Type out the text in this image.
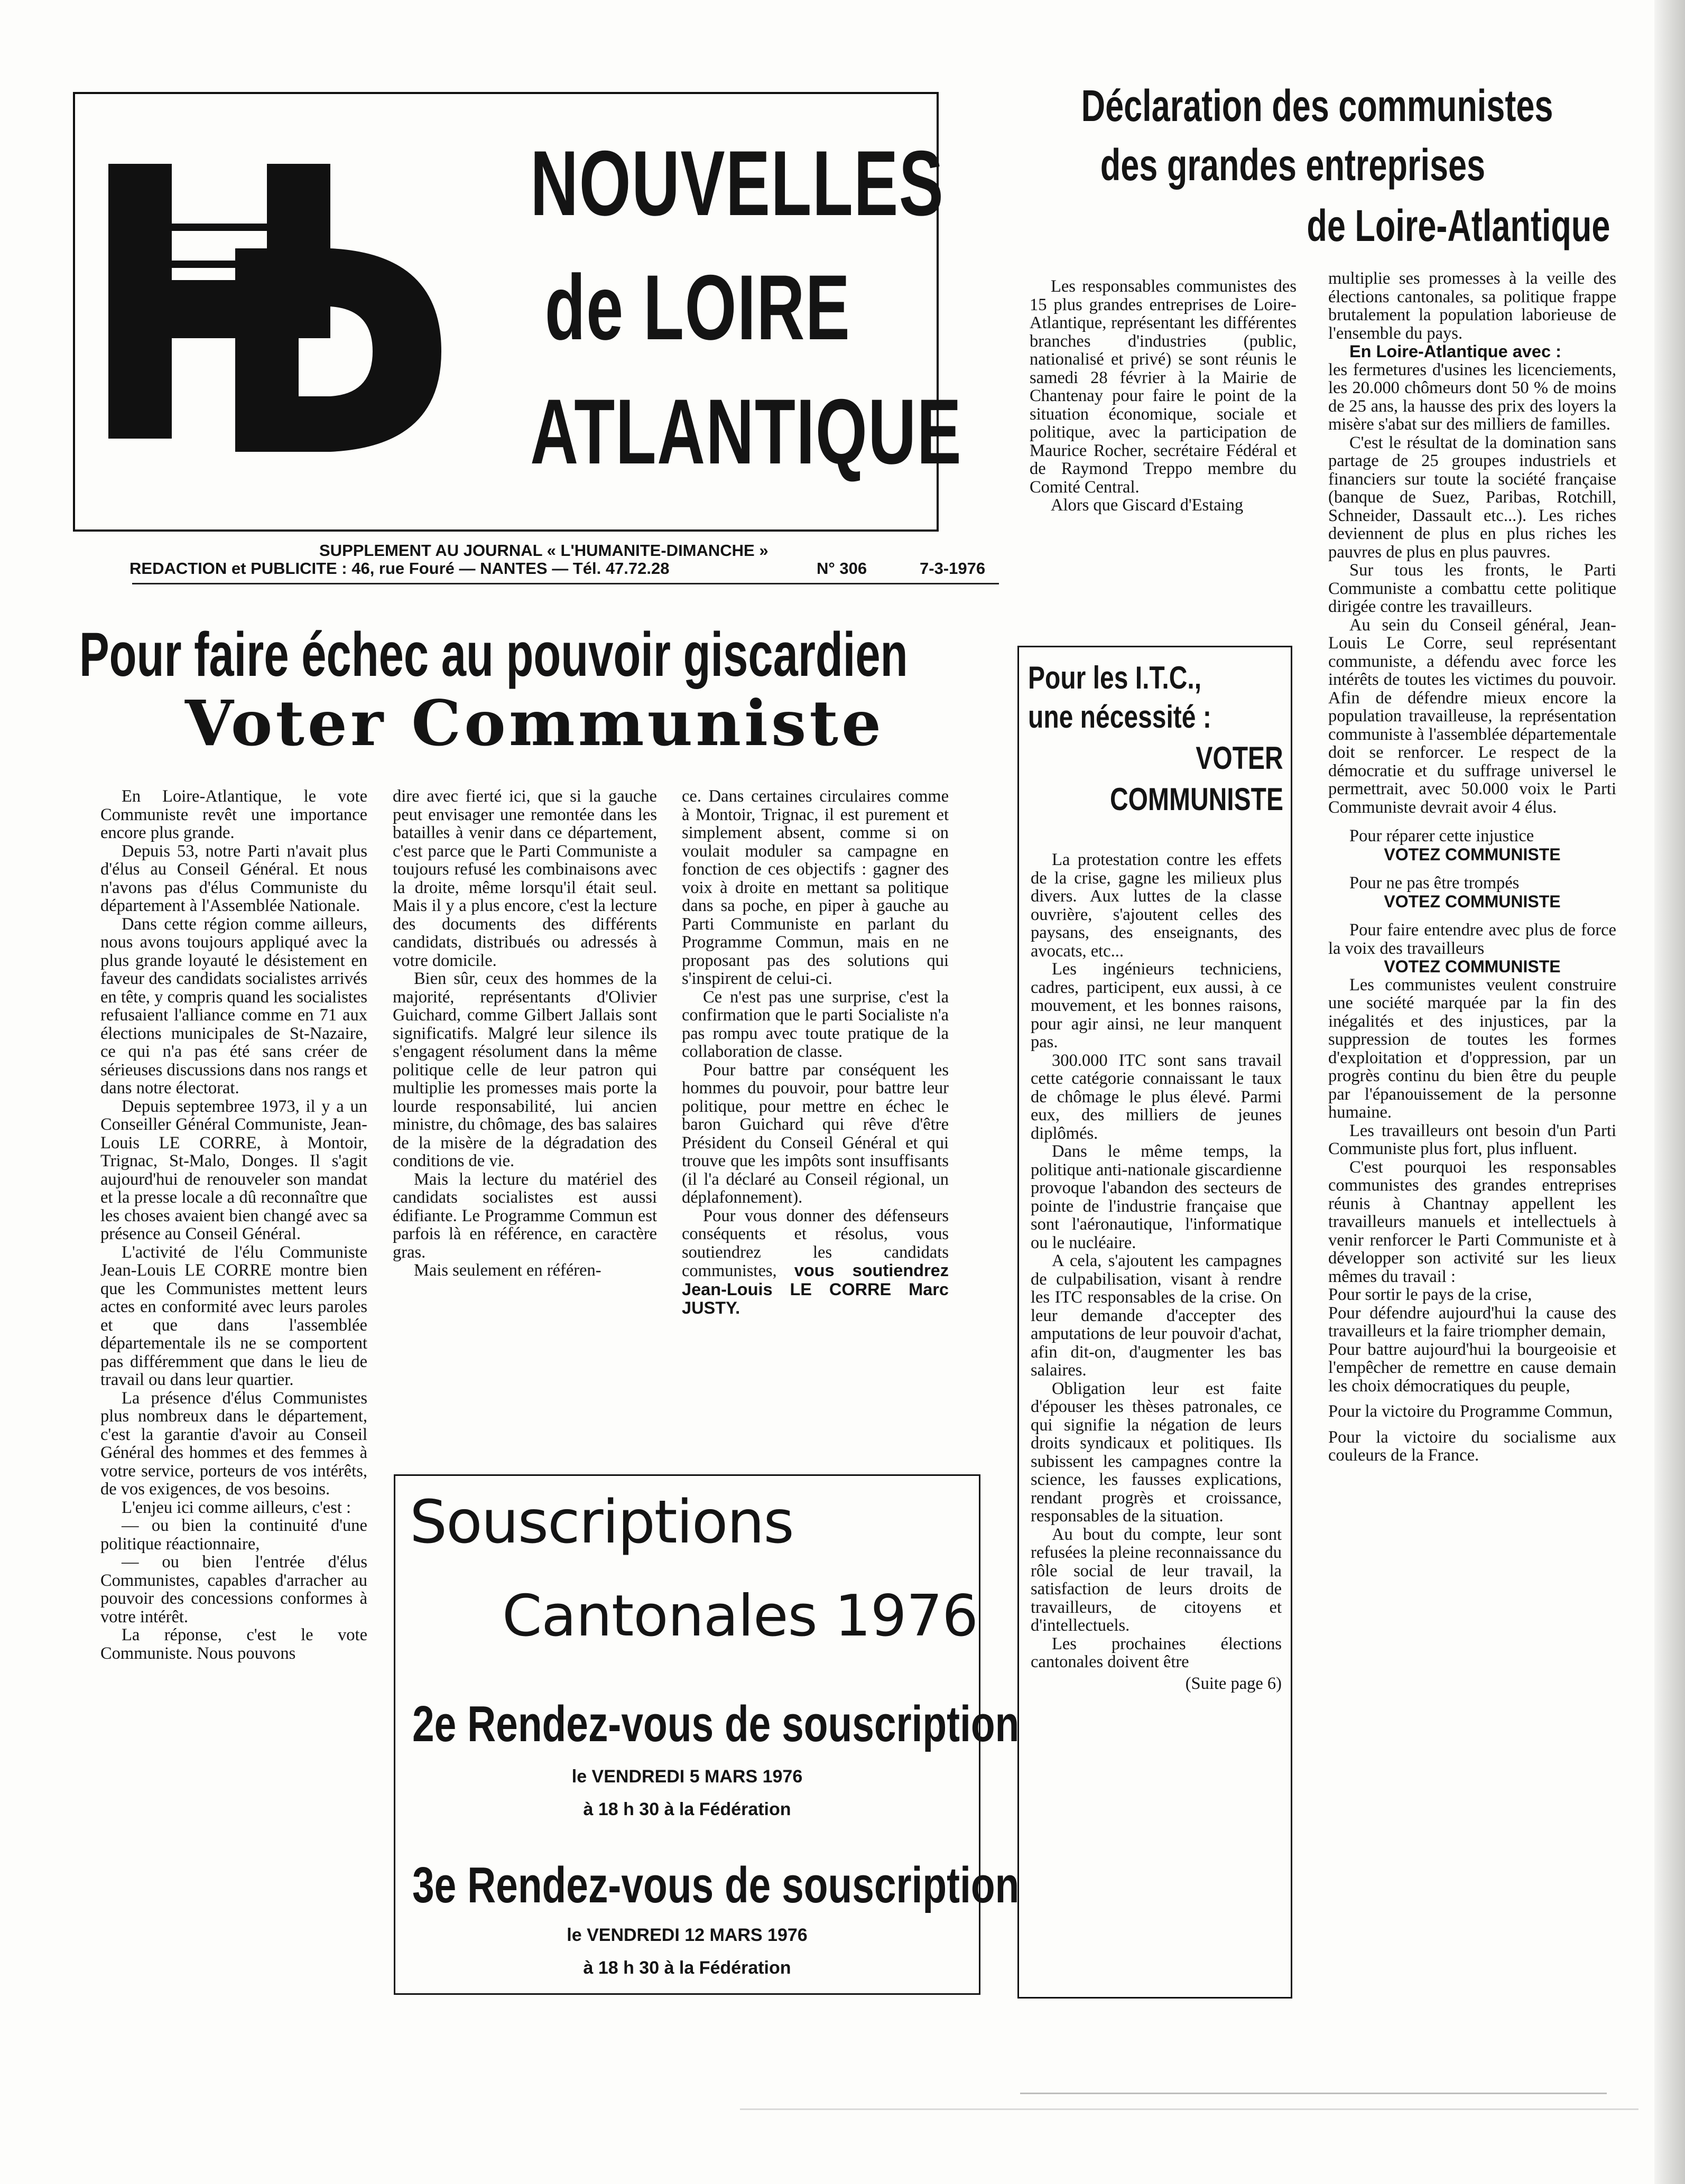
NOUVELLES
de LOIRE
ATLANTIQUE
SUPPLEMENT AU JOURNAL « L'HUMANITE-DIMANCHE »
REDACTION et PUBLICITE : 46, rue Fouré — NANTES — Tél. 47.72.28	N° 306	7-3-1976
Déclaration des communistes
des grandes entreprises
de Loire-Atlantique
Pour faire échec au pouvoir giscardien
Voter Communiste

En Loire-Atlantique, le vote Communiste revêt une importance encore plus grande.

Depuis 53, notre Parti n'avait plus d'élus au Conseil Général. Et nous n'avons pas d'élus Communiste du département à l'Assemblée Nationale.

Dans cette région comme ailleurs, nous avons toujours appliqué avec la plus grande loyauté le désistement en faveur des candidats socialistes arrivés en tête, y compris quand les socialistes refusaient l'alliance comme en 71 aux élections municipales de St-Nazaire, ce qui n'a pas été sans créer de sérieuses discussions dans nos rangs et dans notre électorat.

Depuis septembree 1973, il y a un Conseiller Général Communiste, Jean-Louis LE CORRE, à Montoir, Trignac, St-Malo, Donges. Il s'agit aujourd'hui de renouveler son mandat et la presse locale a dû reconnaître que les choses avaient bien changé avec sa présence au Conseil Général.

L'activité de l'élu Communiste Jean-Louis LE CORRE montre bien que les Communistes mettent leurs actes en conformité avec leurs paroles et que dans l'assemblée départementale ils ne se comportent pas différemment que dans le lieu de travail ou dans leur quartier.

La présence d'élus Communistes plus nombreux dans le département, c'est la garantie d'avoir au Conseil Général des hommes et des femmes à votre service, porteurs de vos intérêts, de vos exigences, de vos besoins.

L'enjeu ici comme ailleurs, c'est :

— ou bien la continuité d'une politique réactionnaire,

— ou bien l'entrée d'élus Communistes, capables d'arracher au pouvoir des concessions conformes à votre intérêt.

La réponse, c'est le vote Communiste. Nous pouvons

dire avec fierté ici, que si la gauche peut envisager une remontée dans les batailles à venir dans ce département, c'est parce que le Parti Communiste a toujours refusé les combinaisons avec la droite, même lorsqu'il était seul. Mais il y a plus encore, c'est la lecture des documents des différents candidats, distribués ou adressés à votre domicile.

Bien sûr, ceux des hommes de la majorité, représentants d'Olivier Guichard, comme Gilbert Jallais sont significatifs. Malgré leur silence ils s'engagent résolument dans la même politique celle de leur patron qui multiplie les promesses mais porte la lourde responsabilité, lui ancien ministre, du chômage, des bas salaires de la misère de la dégradation des conditions de vie.

Mais la lecture du matériel des candidats socialistes est aussi édifiante. Le Programme Commun est parfois là en référence, en caractère gras.

Mais seulement en référen-

ce. Dans certaines circulaires comme à Montoir, Trignac, il est purement et simplement absent, comme si on voulait moduler sa campagne en fonction de ces objectifs : gagner des voix à droite en mettant sa politique dans sa poche, en piper à gauche au Parti Communiste en parlant du Programme Commun, mais en ne proposant pas des solutions qui s'inspirent de celui-ci.

Ce n'est pas une surprise, c'est la confirmation que le parti Socialiste n'a pas rompu avec toute pratique de la collaboration de classe.

Pour battre par conséquent les hommes du pouvoir, pour battre leur politique, pour mettre en échec le baron Guichard qui rêve d'être Président du Conseil Général et qui trouve que les impôts sont insuffisants (il l'a déclaré au Conseil régional, un déplafonnement).

Pour vous donner des défenseurs conséquents et résolus, vous soutiendrez les candidats communistes, vous soutiendrez Jean-Louis LE CORRE Marc JUSTY.

Souscriptions
Cantonales 1976
2e Rendez-vous de souscription
le VENDREDI 5 MARS 1976
à 18 h 30 à la Fédération
3e Rendez-vous de souscription
le VENDREDI 12 MARS 1976
à 18 h 30 à la Fédération

Les responsables communistes des 15 plus grandes entreprises de Loire-Atlantique, représentant les différentes branches d'industries (public, nationalisé et privé) se sont réunis le samedi 28 février à la Mairie de Chantenay pour faire le point de la situation économique, sociale et politique, avec la participation de Maurice Rocher, secrétaire Fédéral et de Raymond Treppo membre du Comité Central.

Alors que Giscard d'Estaing

Pour les I.T.C.,
une nécessité :
VOTER
COMMUNISTE

La protestation contre les effets de la crise, gagne les milieux plus divers. Aux luttes de la classe ouvrière, s'ajoutent celles des paysans, des enseignants, des avocats, etc...

Les ingénieurs techniciens, cadres, participent, eux aussi, à ce mouvement, et les bonnes raisons, pour agir ainsi, ne leur manquent pas.

300.000 ITC sont sans travail cette catégorie connaissant le taux de chômage le plus élevé. Parmi eux, des milliers de jeunes diplômés.

Dans le même temps, la politique anti-nationale giscardienne provoque l'abandon des secteurs de pointe de l'industrie française que sont l'aéronautique, l'informatique ou le nucléaire.

A cela, s'ajoutent les campagnes de culpabilisation, visant à rendre les ITC responsables de la crise. On leur demande d'accepter des amputations de leur pouvoir d'achat, afin dit-on, d'augmenter les bas salaires.

Obligation leur est faite d'épouser les thèses patronales, ce qui signifie la négation de leurs droits syndicaux et politiques. Ils subissent les campagnes contre la science, les fausses explications, rendant progrès et croissance, responsables de la situation.

Au bout du compte, leur sont refusées la pleine reconnaissance du rôle social de leur travail, la satisfaction de leurs droits de travailleurs, de citoyens et d'intellectuels.

Les prochaines élections cantonales doivent être

(Suite page 6)

multiplie ses promesses à la veille des élections cantonales, sa politique frappe brutalement la population laborieuse de l'ensemble du pays.

En Loire-Atlantique avec :

les fermetures d'usines les licenciements, les 20.000 chômeurs dont 50 % de moins de 25 ans, la hausse des prix des loyers la misère s'abat sur des milliers de familles.

C'est le résultat de la domination sans partage de 25 groupes industriels et financiers sur toute la société française (banque de Suez, Paribas, Rotchill, Schneider, Dassault etc...). Les riches deviennent de plus en plus riches les pauvres de plus en plus pauvres.

Sur tous les fronts, le Parti Communiste a combattu cette politique dirigée contre les travailleurs.

Au sein du Conseil général, Jean-Louis Le Corre, seul représentant communiste, a défendu avec force les intérêts de toutes les victimes du pouvoir. Afin de défendre mieux encore la population travailleuse, la représentation communiste à l'assemblée départementale doit se renforcer. Le respect de la démocratie et du suffrage universel le permettrait, avec 50.000 voix le Parti Communiste devrait avoir 4 élus.

Pour réparer cette injustice

VOTEZ COMMUNISTE

Pour ne pas être trompés

VOTEZ COMMUNISTE

Pour faire entendre avec plus de force la voix des travailleurs

VOTEZ COMMUNISTE

Les communistes veulent construire une société marquée par la fin des inégalités et des injustices, par la suppression de toutes les formes d'exploitation et d'oppression, par un progrès continu du bien être du peuple par l'épanouissement de la personne humaine.

Les travailleurs ont besoin d'un Parti Communiste plus fort, plus influent.

C'est pourquoi les responsables communistes des grandes entreprises réunis à Chantnay appellent les travailleurs manuels et intellectuels à venir renforcer le Parti Communiste et à développer son activité sur les lieux mêmes du travail :

Pour sortir le pays de la crise,

Pour défendre aujourd'hui la cause des travailleurs et la faire triompher demain,

Pour battre aujourd'hui la bourgeoisie et l'empêcher de remettre en cause demain les choix démocratiques du peuple,

Pour la victoire du Programme Commun,

Pour la victoire du socialisme aux couleurs de la France.
